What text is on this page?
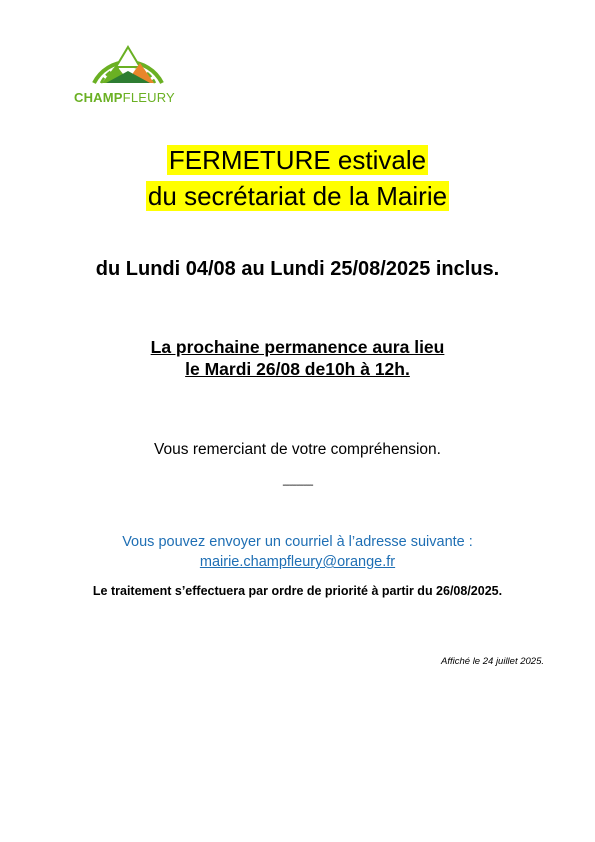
CHAMPFLEURY
FERMETURE estivale
du secrétariat de la Mairie
du Lundi 04/08 au Lundi 25/08/2025 inclus.
La prochaine permanence aura lieu
le Mardi 26/08 de10h à 12h.
Vous remerciant de votre compréhension.
-------------
Vous pouvez envoyer un courriel à l’adresse suivante :
mairie.champfleury@orange.fr
Le traitement s’effectuera par ordre de priorité à partir du 26/08/2025.
Affiché le 24 juillet 2025.
